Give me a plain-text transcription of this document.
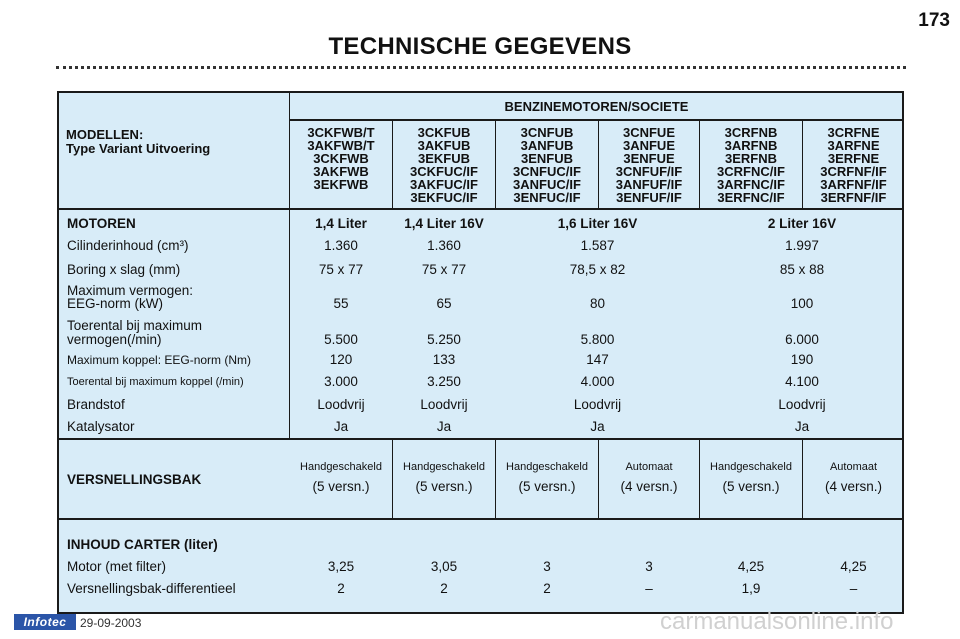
173
TECHNISCHE GEGEVENS
MODELLEN:
Type Variant Uitvoering
BENZINEMOTOREN/SOCIETE
3CKFWB/T 3AKFWB/T 3CKFWB 3AKFWB 3EKFWB
3CKFUB 3AKFUB 3EKFUB 3CKFUC/IF 3AKFUC/IF 3EKFUC/IF
3CNFUB 3ANFUB 3ENFUB 3CNFUC/IF 3ANFUC/IF 3ENFUC/IF
3CNFUE 3ANFUE 3ENFUE 3CNFUF/IF 3ANFUF/IF 3ENFUF/IF
3CRFNB 3ARFNB 3ERFNB 3CRFNC/IF 3ARFNC/IF 3ERFNC/IF
3CRFNE 3ARFNE 3ERFNE 3CRFNF/IF 3ARFNF/IF 3ERFNF/IF
MOTOREN	1,4 Liter	1,4 Liter 16V	1,6 Liter 16V	2 Liter 16V
Cilinderinhoud (cm³)	1.360	1.360	1.587	1.997
Boring x slag (mm)	75 x 77	75 x 77	78,5 x 82	85 x 88
Maximum vermogen:
EEG-norm (kW)	55	65	80	100
Toerental bij maximum
vermogen(/min)	5.500	5.250	5.800	6.000
Maximum koppel: EEG-norm (Nm)	120	133	147	190
Toerental bij maximum koppel (/min)	3.000	3.250	4.000	4.100
Brandstof	Loodvrij	Loodvrij	Loodvrij	Loodvrij
Katalysator	Ja	Ja	Ja	Ja
VERSNELLINGSBAK
Handgeschakeld	Handgeschakeld	Handgeschakeld	Automaat	Handgeschakeld	Automaat
(5 versn.)	(5 versn.)	(5 versn.)	(4 versn.)	(5 versn.)	(4 versn.)
INHOUD CARTER (liter)
Motor (met filter)	3,25	3,05	3	3	4,25	4,25
Versnellingsbak-differentieel	2	2	2	–	1,9	–
Infotec	29-09-2003	carmanualsonline.info
